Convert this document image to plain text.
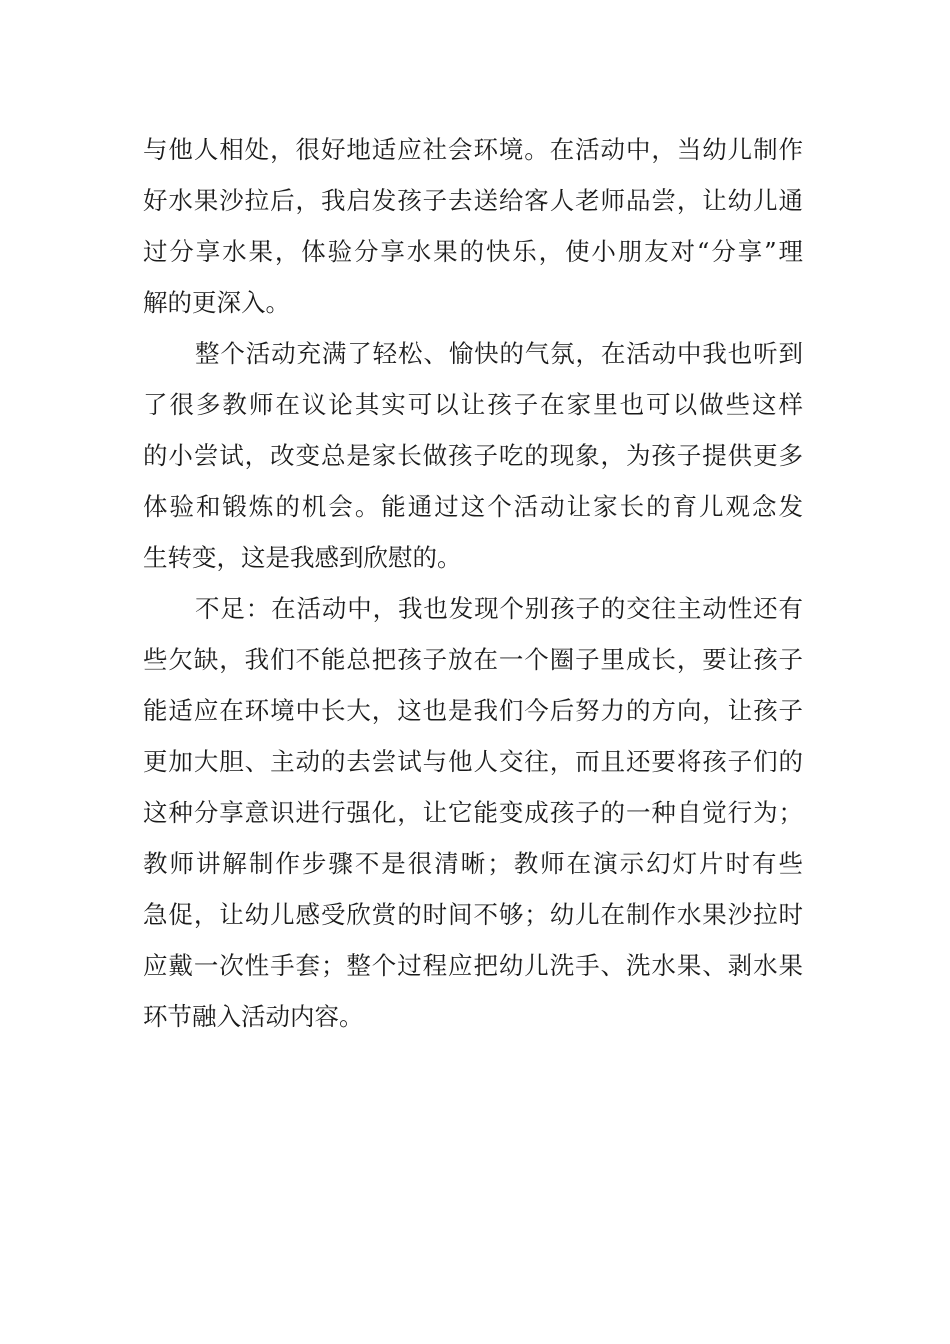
与他人相处，很好地适应社会环境。在活动中，当幼儿制作
好水果沙拉后，我启发孩子去送给客人老师品尝，让幼儿通
过分享水果，体验分享水果的快乐，使小朋友对“分享”理
解的更深入。
整个活动充满了轻松、愉快的气氛，在活动中我也听到
了很多教师在议论其实可以让孩子在家里也可以做些这样
的小尝试，改变总是家长做孩子吃的现象，为孩子提供更多
体验和锻炼的机会。能通过这个活动让家长的育儿观念发
生转变，这是我感到欣慰的。
不足：在活动中，我也发现个别孩子的交往主动性还有
些欠缺，我们不能总把孩子放在一个圈子里成长，要让孩子
能适应在环境中长大，这也是我们今后努力的方向，让孩子
更加大胆、主动的去尝试与他人交往，而且还要将孩子们的
这种分享意识进行强化，让它能变成孩子的一种自觉行为；
教师讲解制作步骤不是很清晰；教师在演示幻灯片时有些
急促，让幼儿感受欣赏的时间不够；幼儿在制作水果沙拉时
应戴一次性手套；整个过程应把幼儿洗手、洗水果、剥水果
环节融入活动内容。
